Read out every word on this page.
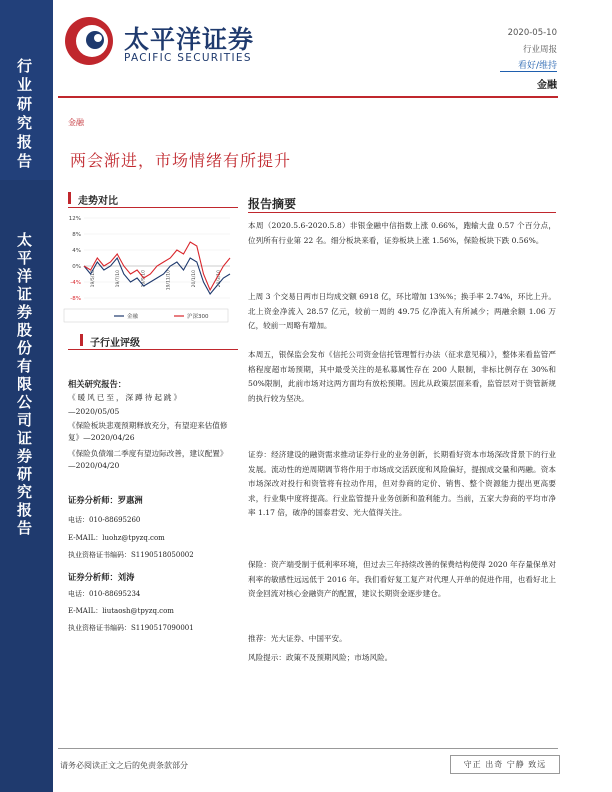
行业研究报告
太平洋证券股份有限公司证券研究报告
太平洋证券
PACIFIC SECURITIES
2020-05-10
行业周报
看好/维持
金融
金融
两会渐进，市场情绪有所提升
走势对比
12%
8%
4%
0%
-4%
-8%
19/5/10	19/7/10	19/9/10	19/11/10	20/1/10	20/3/10
金融	沪深300
子行业评级
相关研究报告：
《暖风已至，深蹲待起跳》
—2020/05/05
《保险板块悲观预期释放充分，有望迎来估值修复》—2020/04/26
《保险负债端二季度有望边际改善，建议配置》—2020/04/20
证券分析师：罗惠洲
电话：010-88695260
E-MAIL：luohz@tpyzq.com
执业资格证书编码：S1190518050002
证券分析师：刘涛
电话：010-88695234
E-MAIL：liutaosh@tpyzq.com
执业资格证书编码：S1190517090001
报告摘要
本周（2020.5.6-2020.5.8）非银金融中信指数上涨 0.66%，跑输大盘 0.57 个百分点，位列所有行业第 22 名。细分板块来看，证券板块上涨 1.56%，保险板块下跌 0.56%。
上周 3 个交易日两市日均成交额 6918 亿，环比增加 13%%；换手率 2.74%，环比上升。北上资金净流入 28.57 亿元，较前一周的 49.75 亿净流入有所减少；两融余额 1.06 万亿，较前一周略有增加。
本周五，银保监会发布《信托公司资金信托管理暂行办法（征求意见稿）》，整体来看监管严格程度超市场预期，其中最受关注的是私募属性存在 200 人限制，非标比例存在 30%和 50%限制，此前市场对这两方面均有放松预期。因此从政策层面来看，监管层对于资管新规的执行较为坚决。
证券：经济建设的融资需求推动证券行业的业务创新，长期看好资本市场深改背景下的行业发展。流动性的逆周期调节将作用于市场成交活跃度和风险偏好，提振成交量和两融。资本市场深改对投行和资管将有拉动作用，但对券商的定价、销售、整个资源能力提出更高要求，行业集中度将提高。行业监管提升业务创新和盈利能力。当前，五家大券商的平均市净率 1.17 倍，破净的国泰君安、光大值得关注。
保险：资产端受制于低利率环境，但过去三年持续改善的保费结构使得 2020 年存量保单对利率的敏感性远远低于 2016 年。我们看好复工复产对代理人开单的促进作用，也看好北上资金回流对核心金融资产的配置，建议长期资金逐步建仓。
推荐：光大证券、中国平安。
风险提示：政策不及预期风险；市场风险。
请务必阅读正文之后的免责条款部分	守正 出奇 宁静 致远
